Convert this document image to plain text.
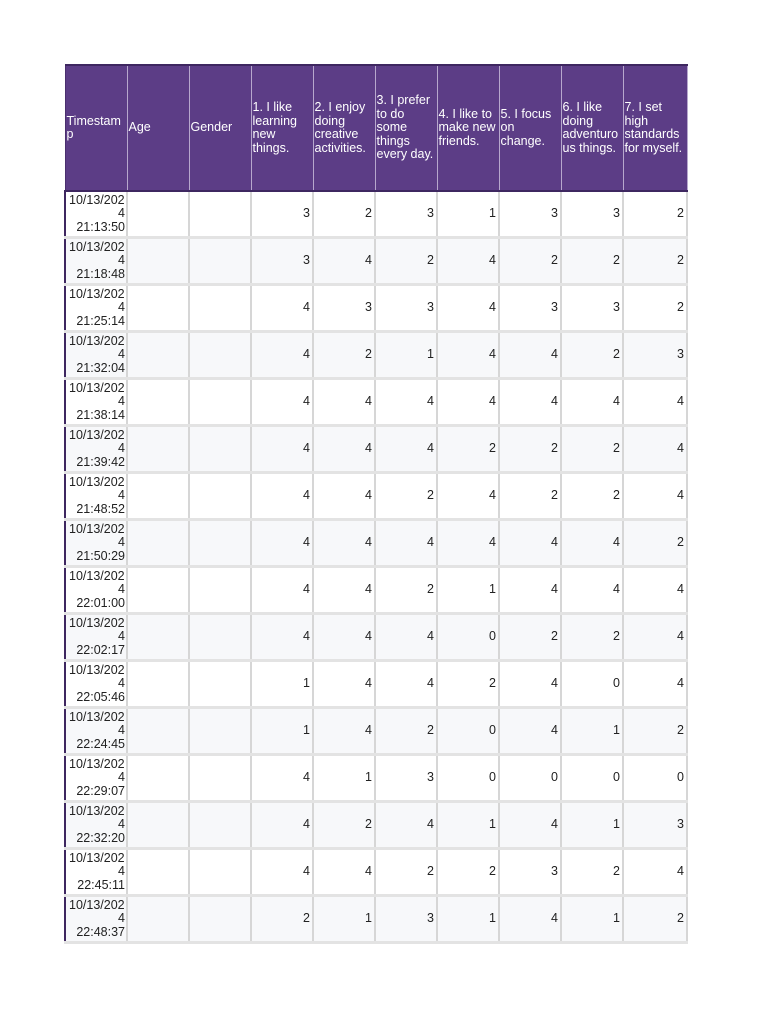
Timestamp	Age	Gender	1. I like learning new things.	2. I enjoy doing creative activities.	3. I prefer to do some things every day.	4. I like to make new friends.	5. I focus on change.	6. I like doing adventurous things.	7. I set high standards for myself.

10/13/202
4
21:13:50			3	2	3	1	3	3	2

10/13/202
4
21:18:48			3	4	2	4	2	2	2

10/13/202
4
21:25:14			4	3	3	4	3	3	2

10/13/202
4
21:32:04			4	2	1	4	4	2	3

10/13/202
4
21:38:14			4	4	4	4	4	4	4

10/13/202
4
21:39:42			4	4	4	2	2	2	4

10/13/202
4
21:48:52			4	4	2	4	2	2	4

10/13/202
4
21:50:29			4	4	4	4	4	4	2

10/13/202
4
22:01:00			4	4	2	1	4	4	4

10/13/202
4
22:02:17			4	4	4	0	2	2	4

10/13/202
4
22:05:46			1	4	4	2	4	0	4

10/13/202
4
22:24:45			1	4	2	0	4	1	2

10/13/202
4
22:29:07			4	1	3	0	0	0	0

10/13/202
4
22:32:20			4	2	4	1	4	1	3

10/13/202
4
22:45:11			4	4	2	2	3	2	4

10/13/202
4
22:48:37			2	1	3	1	4	1	2
